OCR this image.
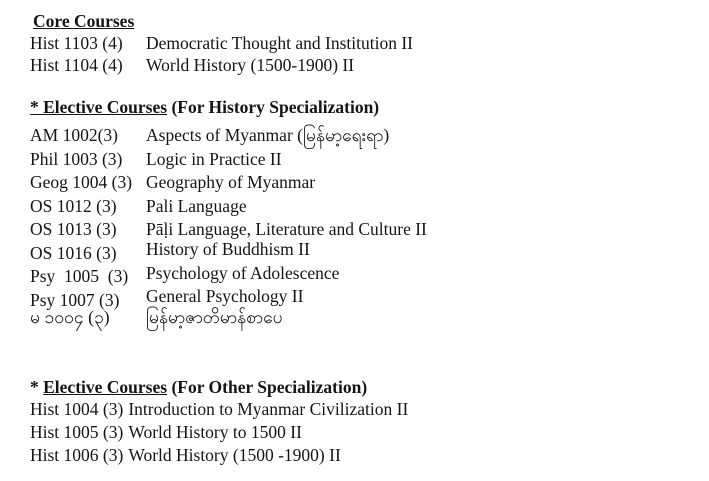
Core Courses
Hist 1103 (4)	Democratic Thought and Institution II
Hist 1104 (4)	World History (1500-1900) II
* Elective Courses (For History Specialization)
AM 1002(3)	Aspects of Myanmar (မြန်မာ့ရေးရာ)
Phil 1003 (3)	Logic in Practice II
Geog 1004 (3) Geography of Myanmar
OS 1012 (3)	Pali Language
OS 1013 (3)	Pāḷi Language, Literature and Culture II
OS 1016 (3)	History of Buddhism II
Psy  1005  (3)	Psychology of Adolescence
Psy 1007 (3)	General Psychology II
မ ၁၀၀၄ (၃)	မြန်မာ့ဇာတိမာန်စာပေ
* Elective Courses (For Other Specialization)
Hist 1004 (3) Introduction to Myanmar Civilization II
Hist 1005 (3) World History to 1500 II
Hist 1006 (3) World History (1500 -1900) II
